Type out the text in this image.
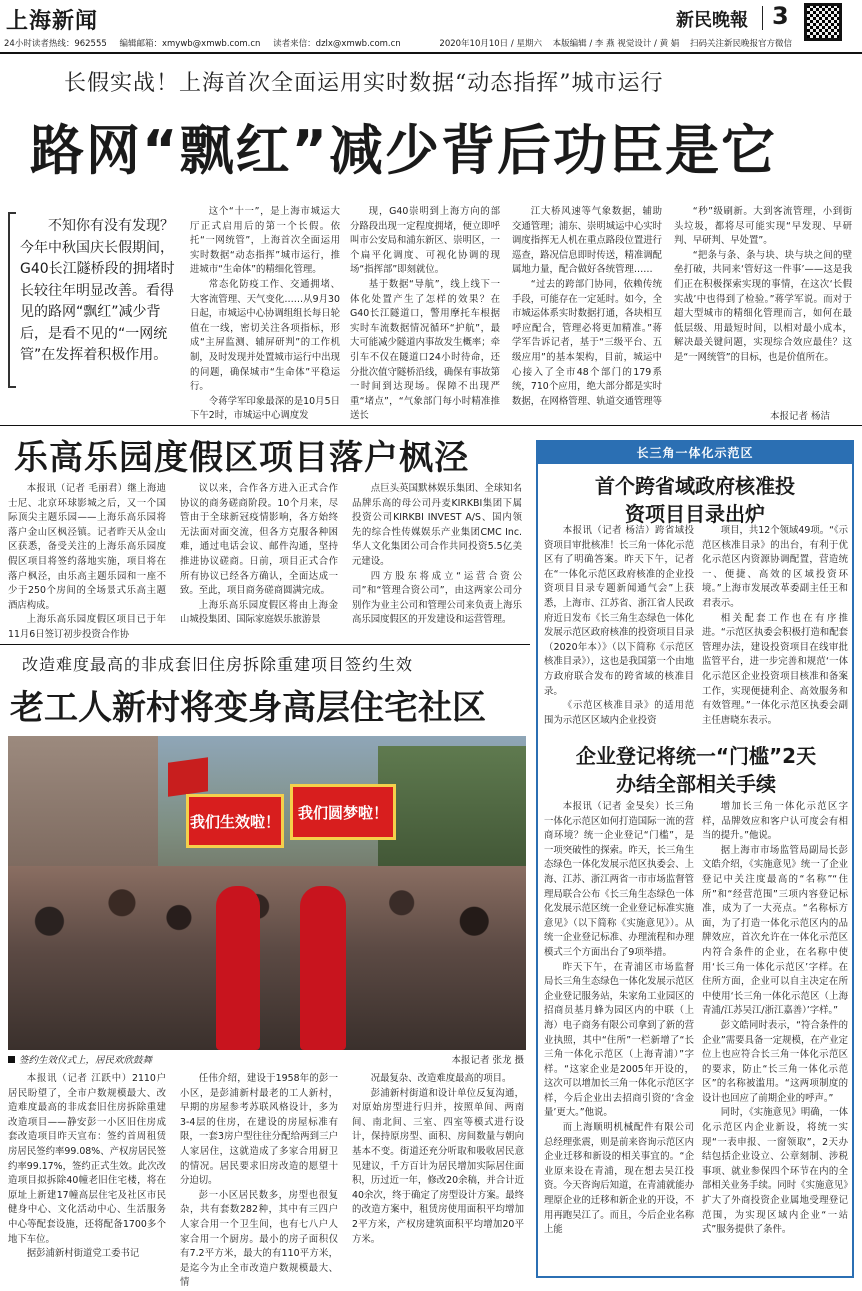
上海新闻	新民晚報 3
24小时读者热线：962555 编辑邮箱：xmywb@xmwb.com.cn 读者来信：dzlx@xmwb.com.cn	2020年10月10日 / 星期六 本版编辑 / 李 燕 视觉设计 / 黄 娟 扫码关注新民晚报官方微信
长假实战！上海首次全面运用实时数据“动态指挥”城市运行
路网“飘红”减少背后功臣是它
不知你有没有发现？今年中秋国庆长假期间，G40长江隧桥段的拥堵时长较往年明显改善。看得见的路网“飘红”减少背后，是看不见的“一网统管”在发挥着积极作用。

这个“十一”，是上海市城运大厅正式启用后的第一个长假。依托“一网统管”，上海首次全面运用实时数据“动态指挥”城市运行，推进城市“生命体”的精细化管理。

常态化防疫工作、交通拥堵、大客流管理、天气变化……从9月30日起，市城运中心协调组组长每日轮值在一线，密切关注各项指标，形成“主屏监测、辅屏研判”的工作机制，及时发现并处置城市运行中出现的问题，确保城市“生命体”平稳运行。

令蒋学军印象最深的是10月5日下午2时，市城运中心调度发

现，G40崇明到上海方向的部分路段出现一定程度拥堵，便立即呼叫市公安局和浦东新区、崇明区，一个扁平化调度、可视化协调的现场“指挥部”即刻就位。

基于数据“导航”，线上线下一体化处置产生了怎样的效果？在G40长江隧道口，警用摩托车根据实时车流数据情况循环“护航”，最大可能减少隧道内事故发生概率；牵引车不仅在隧道口24小时待命，还分批次值守隧桥沿线，确保有事故第一时间到达现场。保障不出现严重“堵点”，“气象部门每小时精准推送长

江大桥风速等气象数据，辅助交通管理；浦东、崇明城运中心实时调度指挥无人机在重点路段位置进行巡查，路况信息即时传送，精准调配属地力量，配合做好各统管理……

“过去的跨部门协同，依赖传统手段，可能存在一定延时。如今，全市城运体系实时数据打通，各块相互呼应配合，管理必将更加精准。”蒋学军告诉记者，基于“三级平台、五级应用”的基本架构，目前，城运中心接入了全市48个部门的179系统，710个应用，绝大部分都是实时数据，在网格管理、轨道交通管理等

“秒”级刷新。大到客流管理，小到街头垃圾，都将尽可能实现“早发现、早研判、早研判、早处置”。

“把条与条、条与块、块与块之间的壁垒打破，共同来‘管好这一件事’——这是我们正在积极探索实现的事情，在这次‘长假实战’中也得到了检验。”蒋学军说。而对于超大型城市的精细化管理而言，如何在最低层级、用最短时间，以相对最小成本，解决最关键问题，实现综合效应最佳？这是“一网统管”的目标，也是价值所在。

本报记者 杨洁
乐高乐园度假区项目落户枫泾

本报讯（记者 毛丽君）继上海迪士尼、北京环球影城之后，又一个国际顶尖主题乐园——上海乐高乐园将落户金山区枫泾镇。记者昨天从金山区获悉，备受关注的上海乐高乐园度假区项目将签约落地实施，项目将在落户枫泾，由乐高主题乐园和一座不少于250个房间的全场景式乐高主题酒店构成。

上海乐高乐园度假区项目已于年11月6日签订初步投资合作协

议以来，合作各方进入正式合作协议的商务磋商阶段。10个月来，尽管由于全球新冠疫情影响，各方始终无法面对面交流，但各方克服各种困难，通过电话会议、邮件沟通，坚持推进协议磋商。日前，项目正式合作所有协议已经各方确认，全面达成一致。至此，项目商务磋商圆满完成。

上海乐高乐园度假区将由上海金山城投集团、国际家庭娱乐旅游景

点巨头英国默林娱乐集团、全球知名品牌乐高的母公司丹麦KIRKBI集团下属投资公司KIRKBI INVEST A/S、国内领先的综合性传媒娱乐产业集团CMC Inc.华人文化集团公司合作共同投资5.5亿美元建设。

四方股东将成立“运营合资公司”和“管理合资公司”，由这两家公司分别作为业主公司和管理公司来负责上海乐高乐园度假区的开发建设和运营管理。

改造难度最高的非成套旧住房拆除重建项目签约生效
老工人新村将变身高层住宅社区
我们生效啦！ 我们圆梦啦！
签约生效仪式上，居民欢欣鼓舞	本报记者 张龙 摄

本报讯（记者 江跃中）2110户居民盼望了，全市户数规模最大、改造难度最高的非成套旧住房拆除重建改造项目——静安彭一小区旧住房成套改造项目昨天宣布：签约首周租赁房居民签约率99.08%、产权房居民签约率99.17%，签约正式生效。此次改造项目拟拆除40幢老旧住宅楼，将在原址上新建17幢高层住宅及社区市民健身中心、文化活动中心、生活服务中心等配套设施，还将配备1700多个地下车位。

据彭浦新村街道党工委书记

任伟介绍，建设于1958年的彭一小区，是彭浦新村最老的工人新村，早期的房屋参考苏联风格设计，多为3-4层的住房，在建设的房屋标准有限，一套3房户型往往分配给两到三户人家居住，这就造成了多家合用厨卫的情况。居民要求旧房改造的愿望十分迫切。

彭一小区居民数多，房型也很复杂，共有套数282种，其中有三四户人家合用一个卫生间，也有七八户人家合用一个厨房。最小的房子面积仅有7.2平方米，最大的有110平方米，是迄今为止全市改造户数规模最大、情

况最复杂、改造难度最高的项目。

彭浦新村街道和设计单位反复沟通，对原始房型进行归并，按照单间、两南间、南北间、三室、四室等模式进行设计，保持原房型、面积、房间数量与朝向基本不变。街道还充分听取和吸收居民意见建议，千方百计为居民增加实际居住面积，历过近一年，修改20余稿，并合计近40余次，终于确定了房型设计方案。最终的改造方案中，租赁房使用面积平均增加2平方米，产权房建筑面积平均增加20平方米。

长三角一体化示范区
首个跨省域政府核准投资项目目录出炉

本报讯（记者 杨洁）跨省域投资项目审批核准！长三角一体化示范区有了明确答案。昨天下午，记者在“一体化示范区政府核准的企业投资项目目录专题新闻通气会”上获悉，上海市、江苏省、浙江省人民政府近日发布《长三角生态绿色一体化发展示范区政府核准的投资项目目录（2020年本）》（以下简称《示范区核准目录》），这也是我国第一个由地方政府联合发布的跨省域的核准目录。

《示范区核准目录》的适用范围为示范区区域内企业投资

项目，共12个领域49项。“《示范区核准目录》的出台，有利于优化示范区内资源协调配置，营造统一、便捷、高效的区域投资环境。”上海市发展改革委副主任王和君表示。

相关配套工作也在有序推进。“示范区执委会积极打造和配套管理办法，建设投资项目在线审批监管平台，进一步完善和规范‘一体化示范区企业投资项目核准和备案工作，实现便捷利企、高效服务和有效管理。”一体化示范区执委会副主任唐晓东表示。

企业登记将统一“门槛”2天办结全部相关手续

本报讯（记者 金旻矣）长三角一体化示范区如何打造国际一流的营商环境？统一企业登记“门槛”，是一项突破性的探索。昨天，长三角生态绿色一体化发展示范区执委会、上海、江苏、浙江两省一市市场监督管理局联合公布《长三角生态绿色一体化发展示范区统一企业登记标准实施意见》（以下简称《实施意见》）。从统一企业登记标准、办理流程和办理模式三个方面出台了9项举措。

昨天下午，在青浦区市场监督局长三角生态绿色一体化发展示范区企业登记服务站，朱家角工业园区的招商员基月蜂为园区内的中联（上海）电子商务有限公司拿到了新的营业执照，其中“住所”一栏新增了“长三角一体化示范区（上海青浦）”字样。“这家企业是2005年开设的，这次可以增加长三角一体化示范区字样，今后企业出去招商引资的‘含金量’更大。”他说。

而上海顺明机械配件有限公司总经理张震，则是前来咨询示范区内企业迁移和新设的相关事宜的。“企业原来设在青浦，现在想去吴江投资。今天咨询后知道，在青浦就能办理原企业的迁移和新企业的开设，不用再跑吴江了。而且，今后企业名称上能

增加长三角一体化示范区字样，品牌效应和客户认可度会有相当的提升。”他说。

据上海市市场监管局副局长彭文皓介绍，《实施意见》统一了企业登记中关注度最高的“名称”“住所”和“经营范围”三项内容登记标准，成为了一大亮点。“名称标方面，为了打造一体化示范区内的品牌效应，首次允许在一体化示范区内符合条件的企业，在名称中使用‘长三角一体化示范区’字样。在住所方面，企业可以自主决定在所中使用‘长三角一体化示范区（上海青浦/江苏吴江/浙江嘉善）’字样。”

彭文皓同时表示，“符合条件的企业”需要具备一定规模，在产业定位上也应符合长三角一体化示范区的要求，防止“长三角一体化示范区”的名称被滥用。“这两项制度的设计也回应了前期企业的呼声。”

同时，《实施意见》明确，一体化示范区内企业新设，将统一实现“一表申报、一窗领取”，2天办结包括企业设立、公章刻制、涉税事项、就业参保四个环节在内的全部相关业务手续。同时《实施意见》扩大了外商投资企业属地受理登记范围，为实现区域内企业“一站式”服务提供了条件。
